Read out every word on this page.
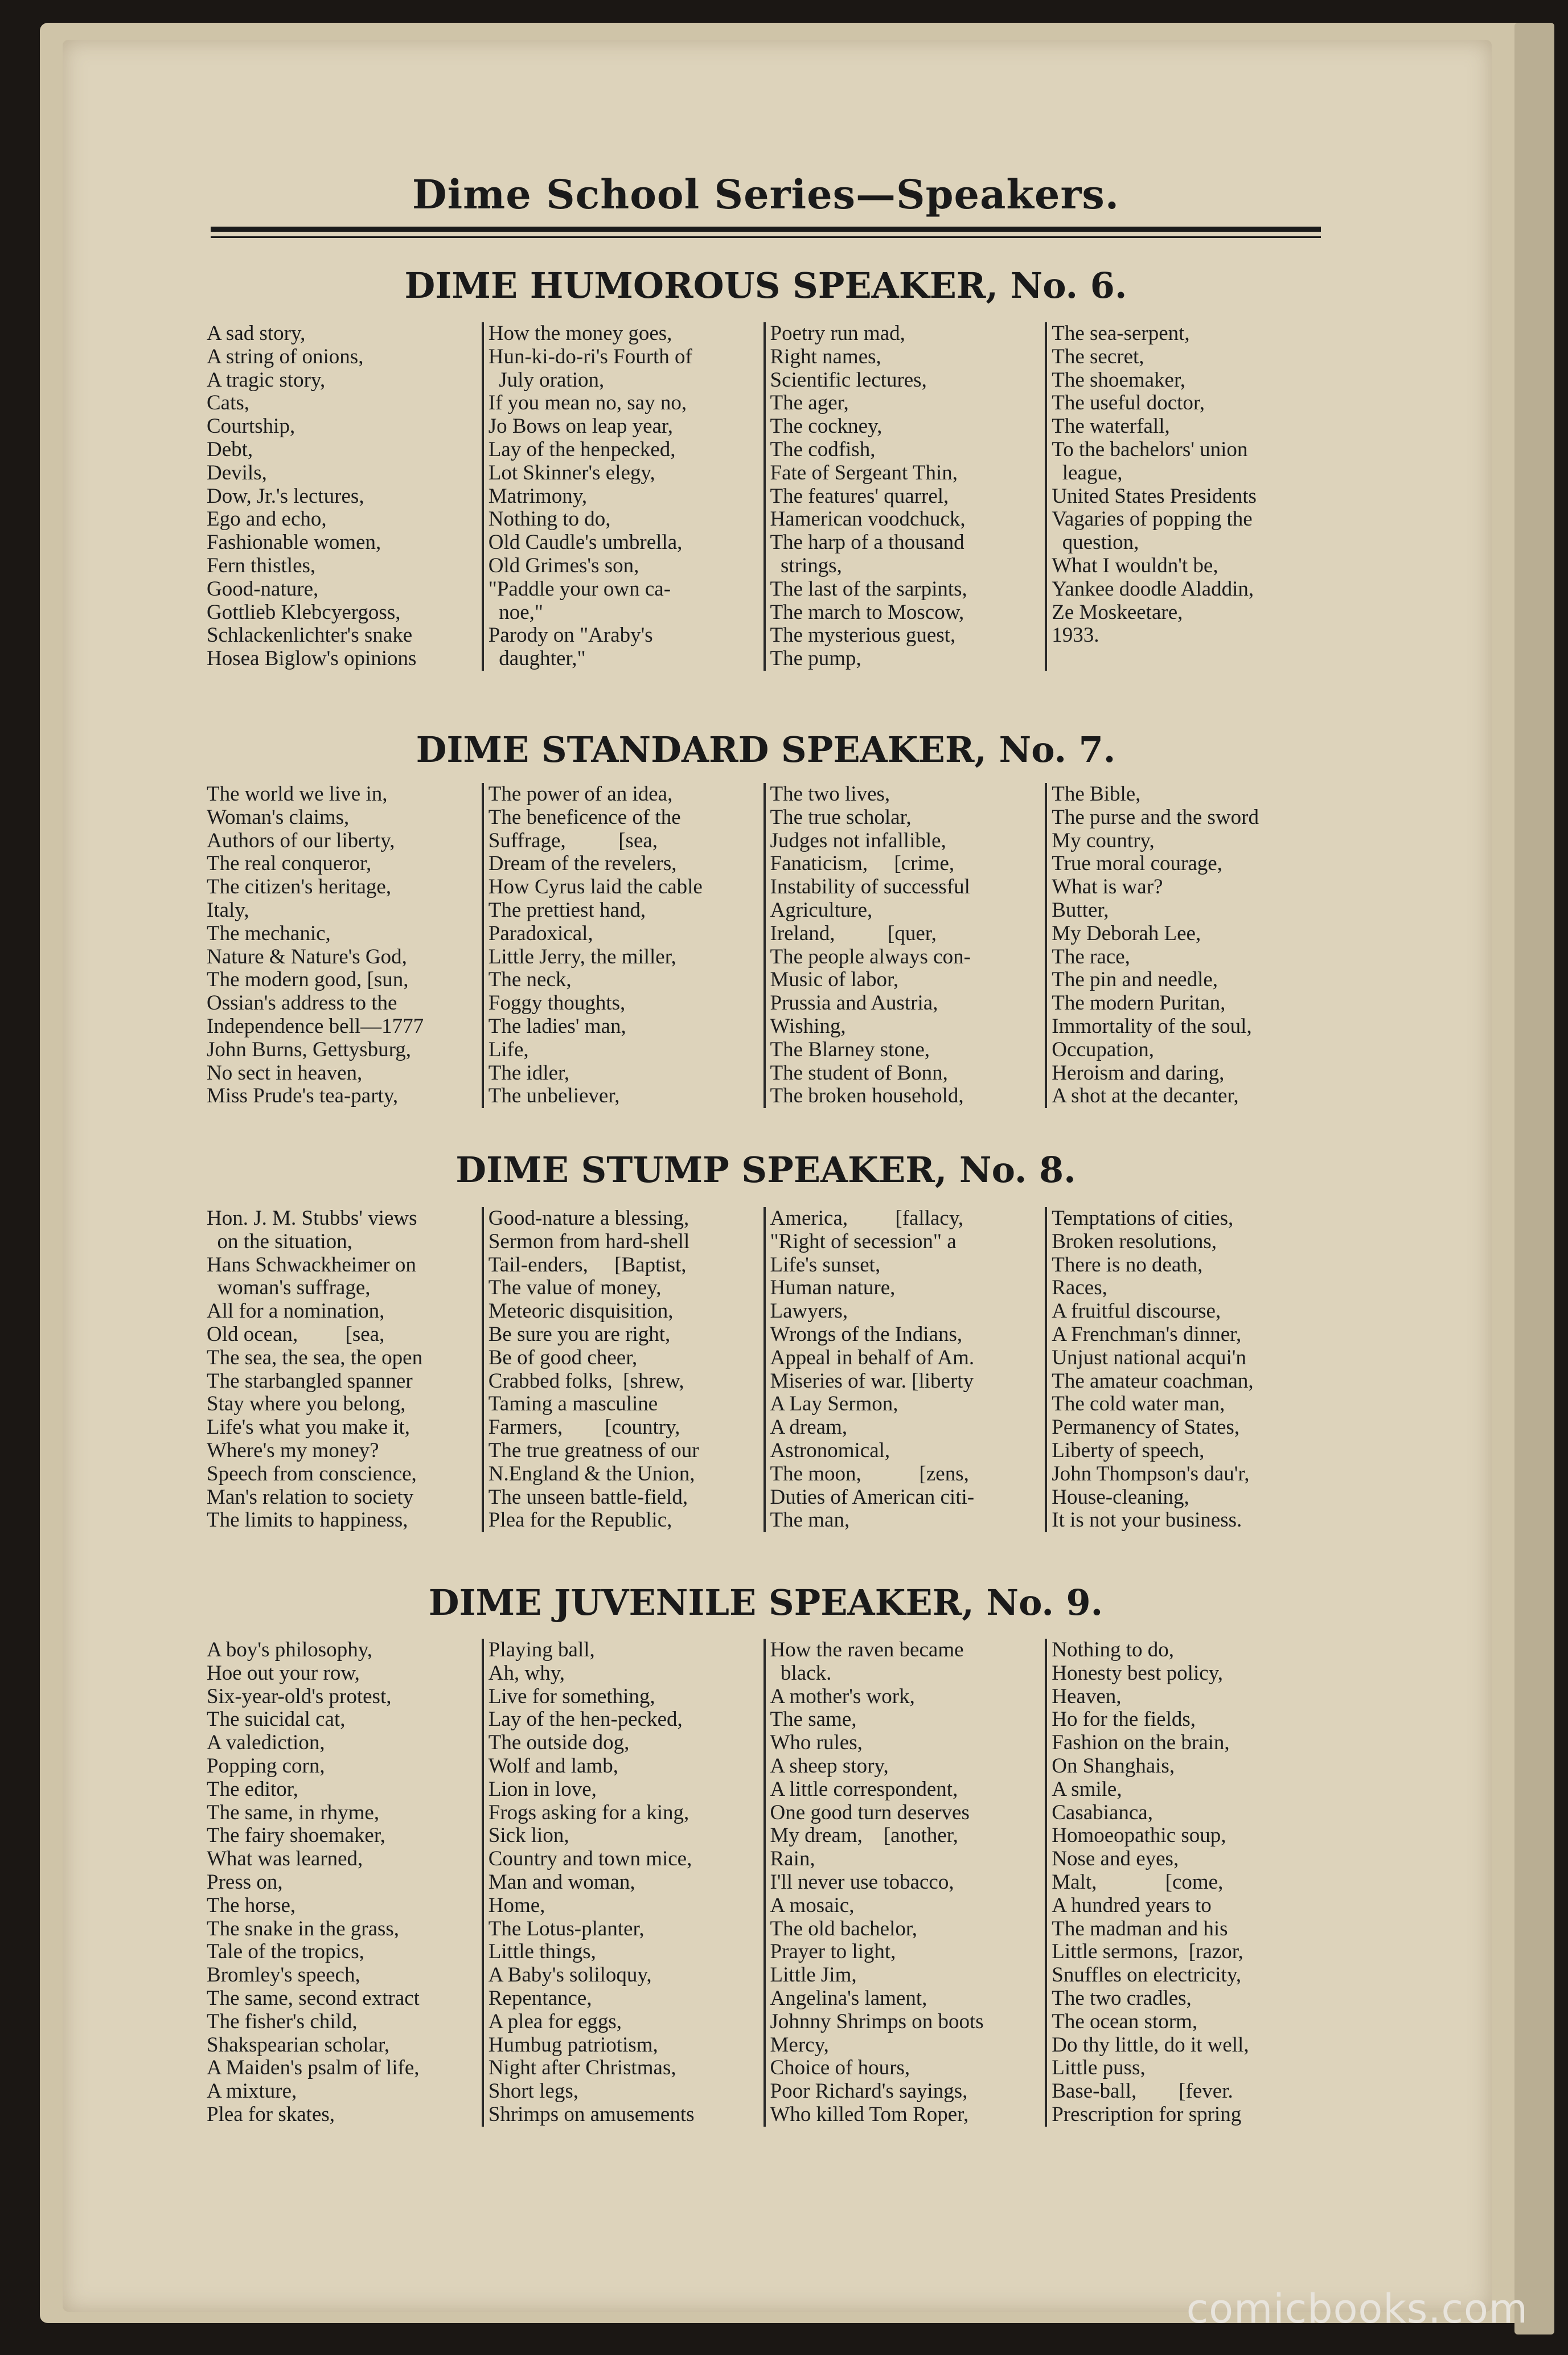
Dime School Series—Speakers.
DIME HUMOROUS SPEAKER, No. 6.
A sad story,
A string of onions,
A tragic story,
Cats,
Courtship,
Debt,
Devils,
Dow, Jr.'s lectures,
Ego and echo,
Fashionable women,
Fern thistles,
Good-nature,
Gottlieb Klebcyergoss,
Schlackenlichter's snake
Hosea Biglow's opinions
How the money goes,
Hun-ki-do-ri's Fourth of
July oration,
If you mean no, say no,
Jo Bows on leap year,
Lay of the henpecked,
Lot Skinner's elegy,
Matrimony,
Nothing to do,
Old Caudle's umbrella,
Old Grimes's son,
"Paddle your own ca-
noe,"
Parody on "Araby's
daughter,"
Poetry run mad,
Right names,
Scientific lectures,
The ager,
The cockney,
The codfish,
Fate of Sergeant Thin,
The features' quarrel,
Hamerican voodchuck,
The harp of a thousand
strings,
The last of the sarpints,
The march to Moscow,
The mysterious guest,
The pump,
The sea-serpent,
The secret,
The shoemaker,
The useful doctor,
The waterfall,
To the bachelors' union
league,
United States Presidents
Vagaries of popping the
question,
What I wouldn't be,
Yankee doodle Aladdin,
Ze Moskeetare,
1933.
DIME STANDARD SPEAKER, No. 7.
The world we live in,
Woman's claims,
Authors of our liberty,
The real conqueror,
The citizen's heritage,
Italy,
The mechanic,
Nature & Nature's God,
The modern good, [sun,
Ossian's address to the
Independence bell—1777
John Burns, Gettysburg,
No sect in heaven,
Miss Prude's tea-party,
The power of an idea,
The beneficence of the
Suffrage,          [sea,
Dream of the revelers,
How Cyrus laid the cable
The prettiest hand,
Paradoxical,
Little Jerry, the miller,
The neck,
Foggy thoughts,
The ladies' man,
Life,
The idler,
The unbeliever,
The two lives,
The true scholar,
Judges not infallible,
Fanaticism,     [crime,
Instability of successful
Agriculture,
Ireland,          [quer,
The people always con-
Music of labor,
Prussia and Austria,
Wishing,
The Blarney stone,
The student of Bonn,
The broken household,
The Bible,
The purse and the sword
My country,
True moral courage,
What is war?
Butter,
My Deborah Lee,
The race,
The pin and needle,
The modern Puritan,
Immortality of the soul,
Occupation,
Heroism and daring,
A shot at the decanter,
DIME STUMP SPEAKER, No. 8.
Hon. J. M. Stubbs' views
on the situation,
Hans Schwackheimer on
woman's suffrage,
All for a nomination,
Old ocean,         [sea,
The sea, the sea, the open
The starbangled spanner
Stay where you belong,
Life's what you make it,
Where's my money?
Speech from conscience,
Man's relation to society
The limits to happiness,
Good-nature a blessing,
Sermon from hard-shell
Tail-enders,     [Baptist,
The value of money,
Meteoric disquisition,
Be sure you are right,
Be of good cheer,
Crabbed folks,  [shrew,
Taming a masculine
Farmers,        [country,
The true greatness of our
N.England & the Union,
The unseen battle-field,
Plea for the Republic,
America,         [fallacy,
"Right of secession" a
Life's sunset,
Human nature,
Lawyers,
Wrongs of the Indians,
Appeal in behalf of Am.
Miseries of war. [liberty
A Lay Sermon,
A dream,
Astronomical,
The moon,           [zens,
Duties of American citi-
The man,
Temptations of cities,
Broken resolutions,
There is no death,
Races,
A fruitful discourse,
A Frenchman's dinner,
Unjust national acqui'n
The amateur coachman,
The cold water man,
Permanency of States,
Liberty of speech,
John Thompson's dau'r,
House-cleaning,
It is not your business.
DIME JUVENILE SPEAKER, No. 9.
A boy's philosophy,
Hoe out your row,
Six-year-old's protest,
The suicidal cat,
A valediction,
Popping corn,
The editor,
The same, in rhyme,
The fairy shoemaker,
What was learned,
Press on,
The horse,
The snake in the grass,
Tale of the tropics,
Bromley's speech,
The same, second extract
The fisher's child,
Shakspearian scholar,
A Maiden's psalm of life,
A mixture,
Plea for skates,
Playing ball,
Ah, why,
Live for something,
Lay of the hen-pecked,
The outside dog,
Wolf and lamb,
Lion in love,
Frogs asking for a king,
Sick lion,
Country and town mice,
Man and woman,
Home,
The Lotus-planter,
Little things,
A Baby's soliloquy,
Repentance,
A plea for eggs,
Humbug patriotism,
Night after Christmas,
Short legs,
Shrimps on amusements
How the raven became
black.
A mother's work,
The same,
Who rules,
A sheep story,
A little correspondent,
One good turn deserves
My dream,    [another,
Rain,
I'll never use tobacco,
A mosaic,
The old bachelor,
Prayer to light,
Little Jim,
Angelina's lament,
Johnny Shrimps on boots
Mercy,
Choice of hours,
Poor Richard's sayings,
Who killed Tom Roper,
Nothing to do,
Honesty best policy,
Heaven,
Ho for the fields,
Fashion on the brain,
On Shanghais,
A smile,
Casabianca,
Homoeopathic soup,
Nose and eyes,
Malt,             [come,
A hundred years to
The madman and his
Little sermons,  [razor,
Snuffles on electricity,
The two cradles,
The ocean storm,
Do thy little, do it well,
Little puss,
Base-ball,        [fever.
Prescription for spring
comicbooks.com
